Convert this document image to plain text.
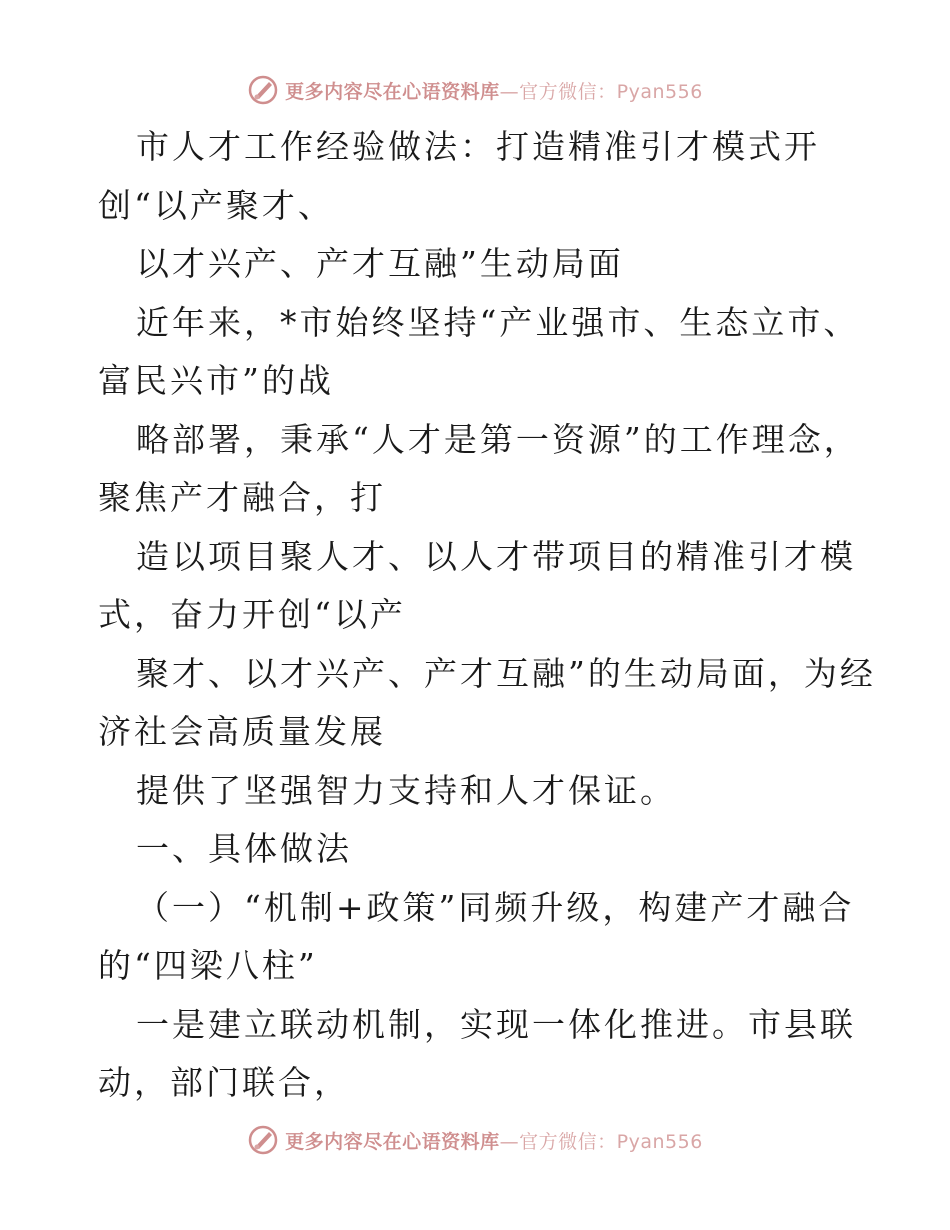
更多内容尽在心语资料库—官方微信：Pyan556
市人才工作经验做法：打造精准引才模式开
创“以产聚才、
以才兴产、产才互融”生动局面
近年来，*市始终坚持“产业强市、生态立市、
富民兴市”的战
略部署，秉承“人才是第一资源”的工作理念，
聚焦产才融合，打
造以项目聚人才、以人才带项目的精准引才模
式，奋力开创“以产
聚才、以才兴产、产才互融”的生动局面，为经
济社会高质量发展
提供了坚强智力支持和人才保证。
一、具体做法
（一）“机制+政策”同频升级，构建产才融合
的“四梁八柱”
一是建立联动机制，实现一体化推进。市县联
动，部门联合，
更多内容尽在心语资料库—官方微信：Pyan556
